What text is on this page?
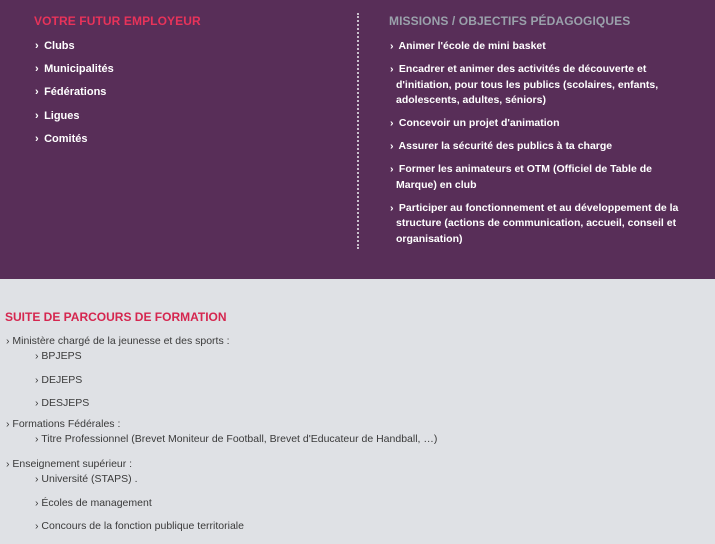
VOTRE FUTUR EMPLOYEUR
› Clubs
› Municipalités
› Fédérations
› Ligues
› Comités
MISSIONS / OBJECTIFS PÉDAGOGIQUES
› Animer l'école de mini basket
› Encadrer et animer des activités de découverte et d'initiation, pour tous les publics (scolaires, enfants, adolescents, adultes, séniors)
› Concevoir un projet d'animation
› Assurer la sécurité des publics à ta charge
› Former les animateurs et OTM (Officiel de Table de Marque) en club
› Participer au fonctionnement et au développement de la structure (actions de communication, accueil, conseil et organisation)
SUITE DE PARCOURS DE FORMATION
› Ministère chargé de la jeunesse et des sports :
› BPJEPS
› DEJEPS
› DESJEPS
› Formations Fédérales :
› Titre Professionnel (Brevet Moniteur de Football, Brevet d'Educateur de Handball, …)
› Enseignement supérieur :
› Université (STAPS) .
› Écoles de management
› Concours de la fonction publique territoriale
